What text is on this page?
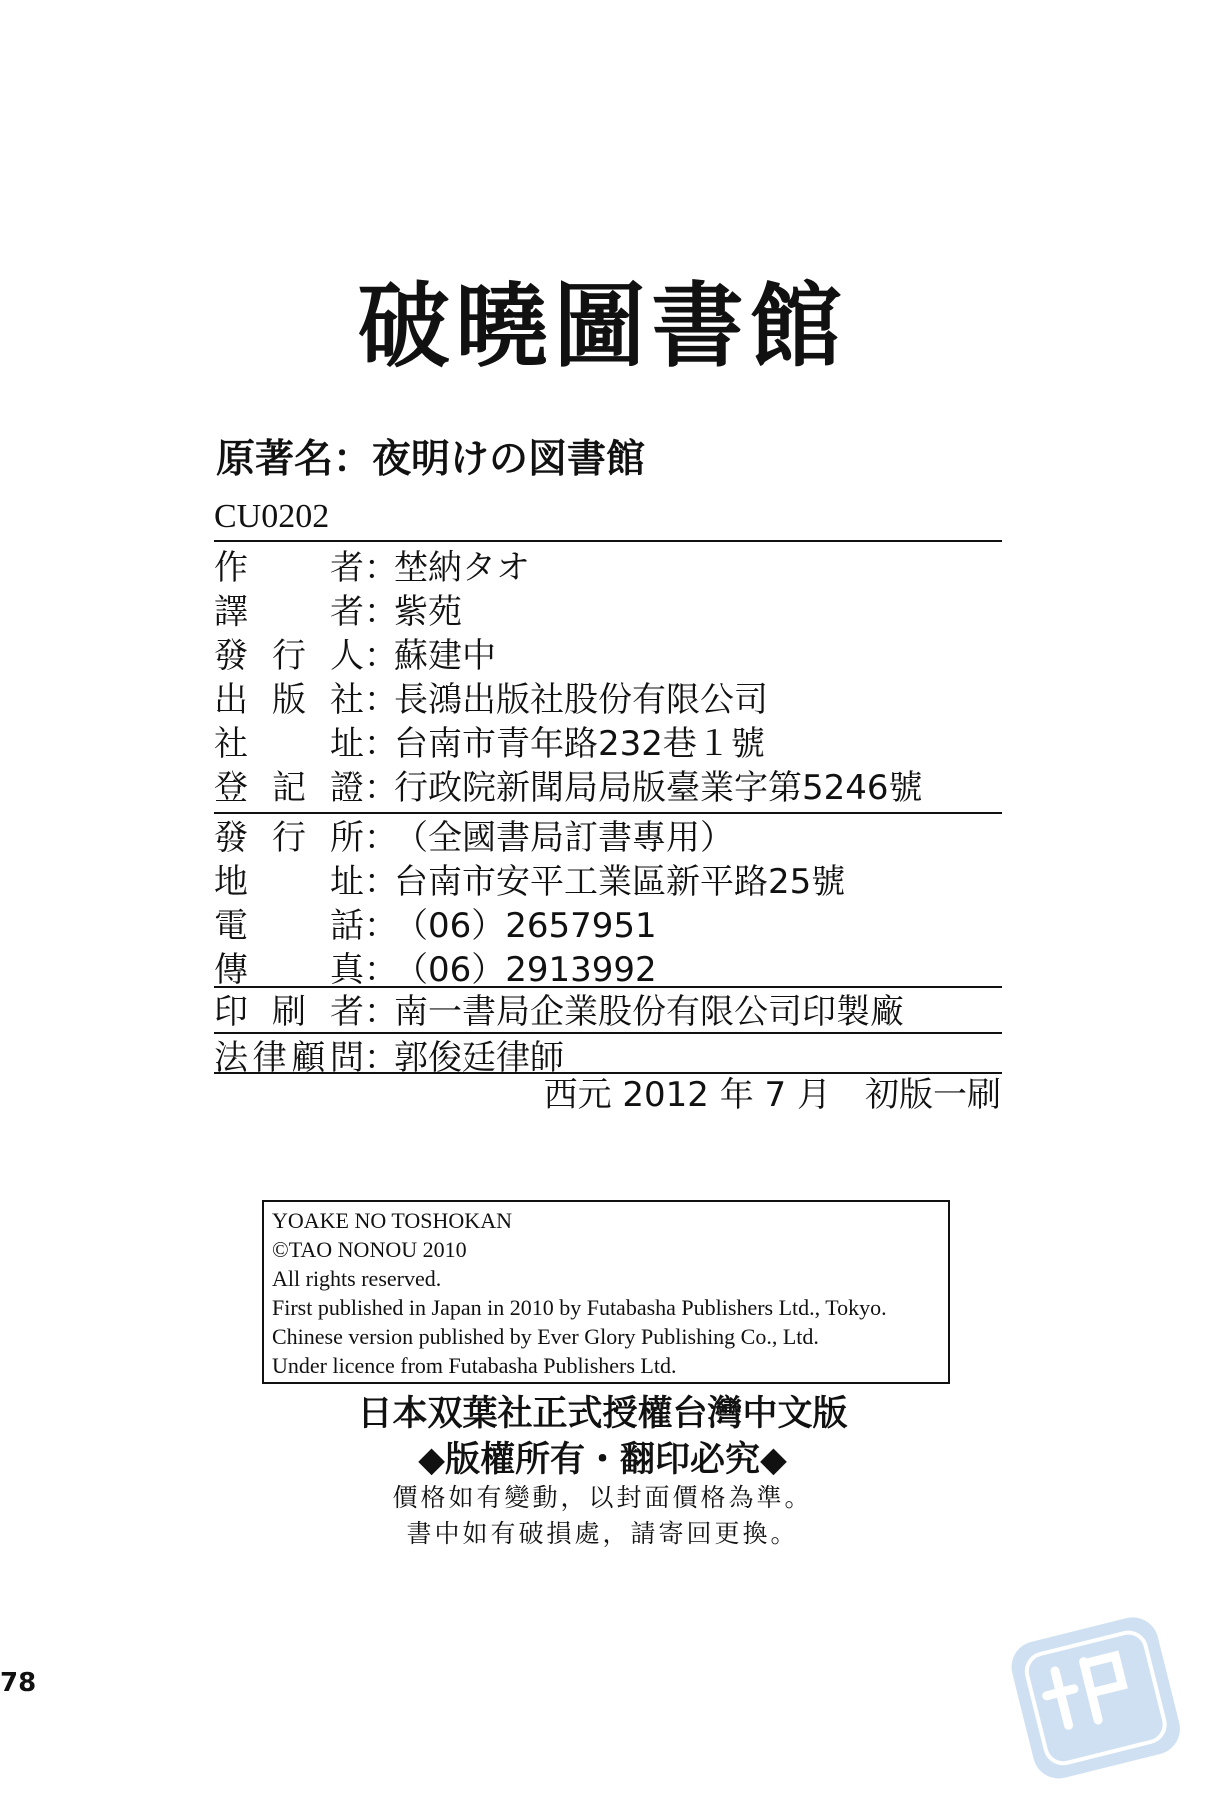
破曉圖書館
原著名：夜明けの図書館
CU0202
作者：埜納タオ
譯者：紫苑
發行人：蘇建中
出版社：長鴻出版社股份有限公司
社址：台南市青年路232巷１號
登記證：行政院新聞局局版臺業字第5246號
發行所：（全國書局訂書專用）
地址：台南市安平工業區新平路25號
電話：（06）2657951
傳真：（06）2913992
印刷者：南一書局企業股份有限公司印製廠
法律顧問：郭俊廷律師
西元 2012 年 7 月　初版一刷
YOAKE NO TOSHOKAN
©TAO NONOU 2010
All rights reserved.
First published in Japan in 2010 by Futabasha Publishers Ltd., Tokyo.
Chinese version published by Ever Glory Publishing Co., Ltd.
Under licence from Futabasha Publishers Ltd.
日本双葉社正式授權台灣中文版
◆版權所有・翻印必究◆
價格如有變動，以封面價格為準。
書中如有破損處，請寄回更換。
78
